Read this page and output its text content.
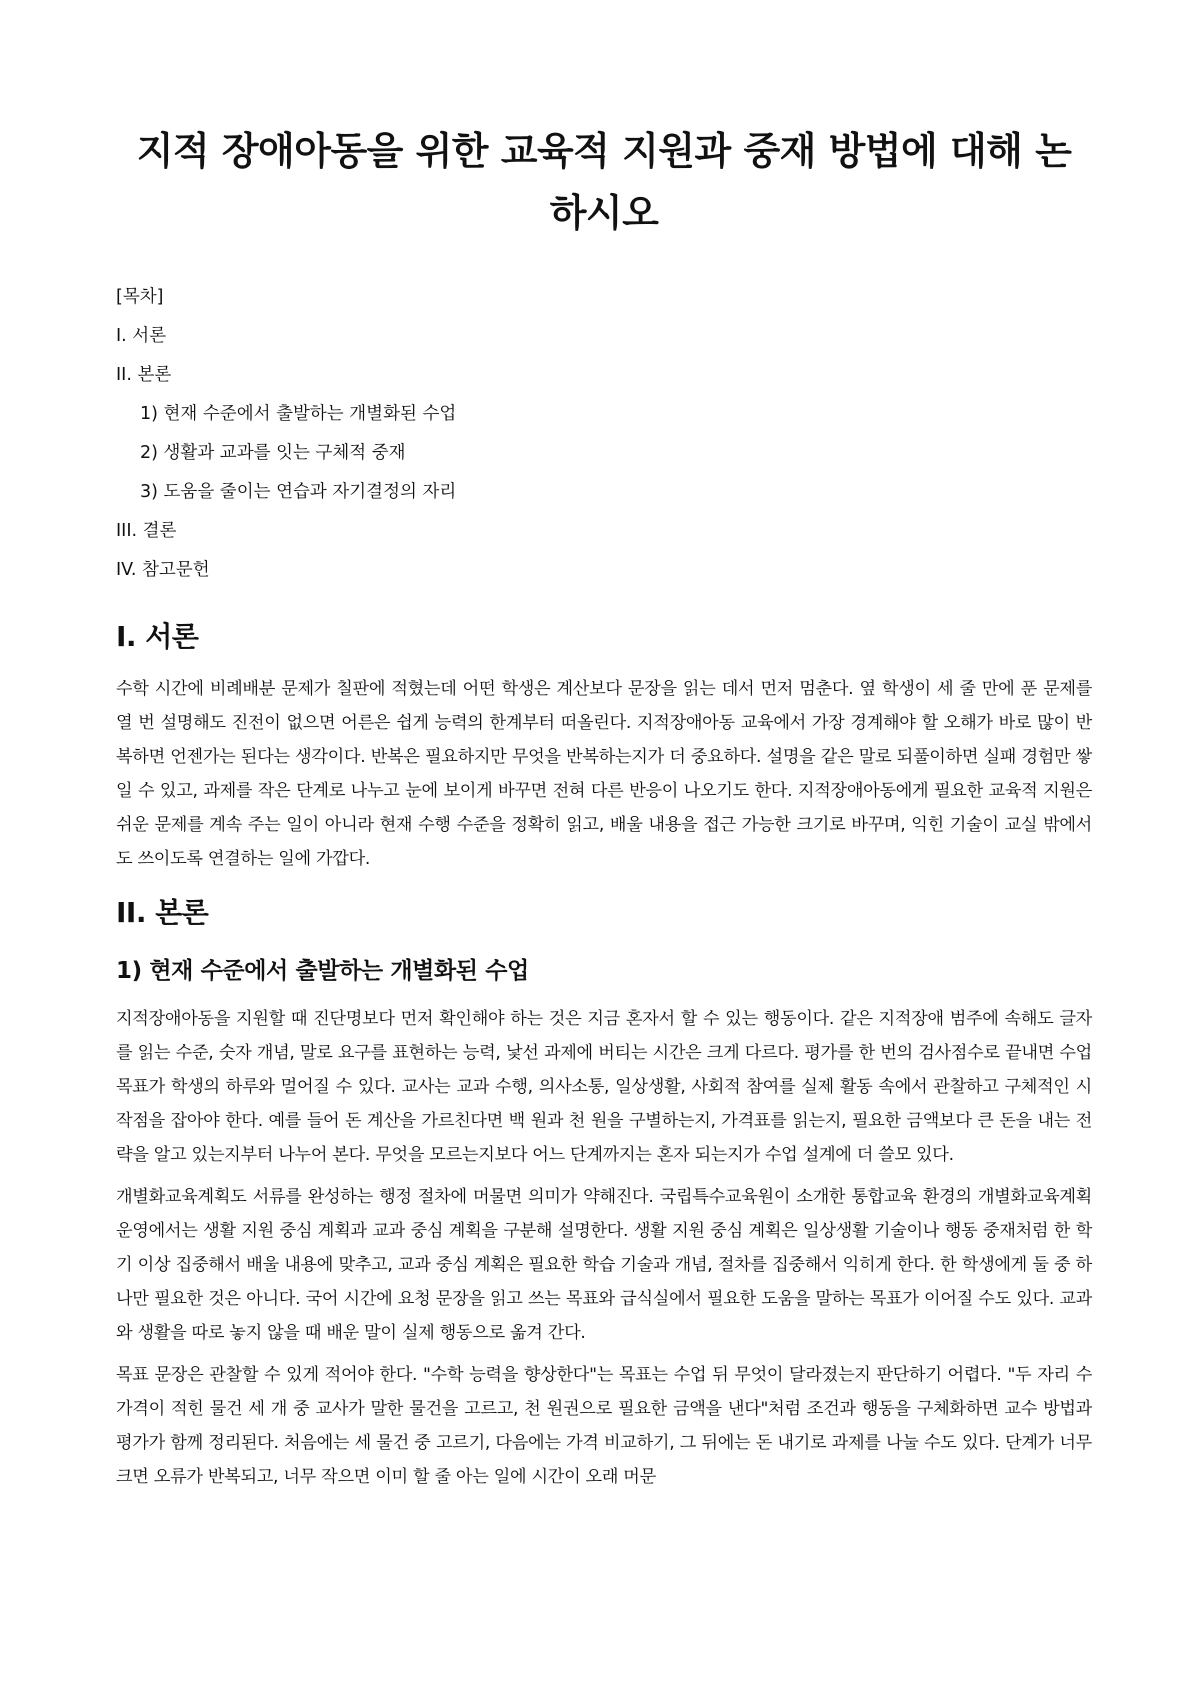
지적 장애아동을 위한 교육적 지원과 중재 방법에 대해 논하시오
[목차]
I. 서론
II. 본론
1) 현재 수준에서 출발하는 개별화된 수업
2) 생활과 교과를 잇는 구체적 중재
3) 도움을 줄이는 연습과 자기결정의 자리
III. 결론
IV. 참고문헌
I. 서론

수학 시간에 비례배분 문제가 칠판에 적혔는데 어떤 학생은 계산보다 문장을 읽는 데서 먼저 멈춘다. 옆 학생이 세 줄 만에 푼 문제를 열 번 설명해도 진전이 없으면 어른은 쉽게 능력의 한계부터 떠올린다. 지적장애아동 교육에서 가장 경계해야 할 오해가 바로 많이 반복하면 언젠가는 된다는 생각이다. 반복은 필요하지만 무엇을 반복하는지가 더 중요하다. 설명을 같은 말로 되풀이하면 실패 경험만 쌓일 수 있고, 과제를 작은 단계로 나누고 눈에 보이게 바꾸면 전혀 다른 반응이 나오기도 한다. 지적장애아동에게 필요한 교육적 지원은 쉬운 문제를 계속 주는 일이 아니라 현재 수행 수준을 정확히 읽고, 배울 내용을 접근 가능한 크기로 바꾸며, 익힌 기술이 교실 밖에서도 쓰이도록 연결하는 일에 가깝다.

II. 본론
1) 현재 수준에서 출발하는 개별화된 수업

지적장애아동을 지원할 때 진단명보다 먼저 확인해야 하는 것은 지금 혼자서 할 수 있는 행동이다. 같은 지적장애 범주에 속해도 글자를 읽는 수준, 숫자 개념, 말로 요구를 표현하는 능력, 낯선 과제에 버티는 시간은 크게 다르다. 평가를 한 번의 검사점수로 끝내면 수업 목표가 학생의 하루와 멀어질 수 있다. 교사는 교과 수행, 의사소통, 일상생활, 사회적 참여를 실제 활동 속에서 관찰하고 구체적인 시작점을 잡아야 한다. 예를 들어 돈 계산을 가르친다면 백 원과 천 원을 구별하는지, 가격표를 읽는지, 필요한 금액보다 큰 돈을 내는 전략을 알고 있는지부터 나누어 본다. 무엇을 모르는지보다 어느 단계까지는 혼자 되는지가 수업 설계에 더 쓸모 있다.

개별화교육계획도 서류를 완성하는 행정 절차에 머물면 의미가 약해진다. 국립특수교육원이 소개한 통합교육 환경의 개별화교육계획 운영에서는 생활 지원 중심 계획과 교과 중심 계획을 구분해 설명한다. 생활 지원 중심 계획은 일상생활 기술이나 행동 중재처럼 한 학기 이상 집중해서 배울 내용에 맞추고, 교과 중심 계획은 필요한 학습 기술과 개념, 절차를 집중해서 익히게 한다. 한 학생에게 둘 중 하나만 필요한 것은 아니다. 국어 시간에 요청 문장을 읽고 쓰는 목표와 급식실에서 필요한 도움을 말하는 목표가 이어질 수도 있다. 교과와 생활을 따로 놓지 않을 때 배운 말이 실제 행동으로 옮겨 간다.

목표 문장은 관찰할 수 있게 적어야 한다. "수학 능력을 향상한다"는 목표는 수업 뒤 무엇이 달라졌는지 판단하기 어렵다. "두 자리 수 가격이 적힌 물건 세 개 중 교사가 말한 물건을 고르고, 천 원권으로 필요한 금액을 낸다"처럼 조건과 행동을 구체화하면 교수 방법과 평가가 함께 정리된다. 처음에는 세 물건 중 고르기, 다음에는 가격 비교하기, 그 뒤에는 돈 내기로 과제를 나눌 수도 있다. 단계가 너무 크면 오류가 반복되고, 너무 작으면 이미 할 줄 아는 일에 시간이 오래 머문
